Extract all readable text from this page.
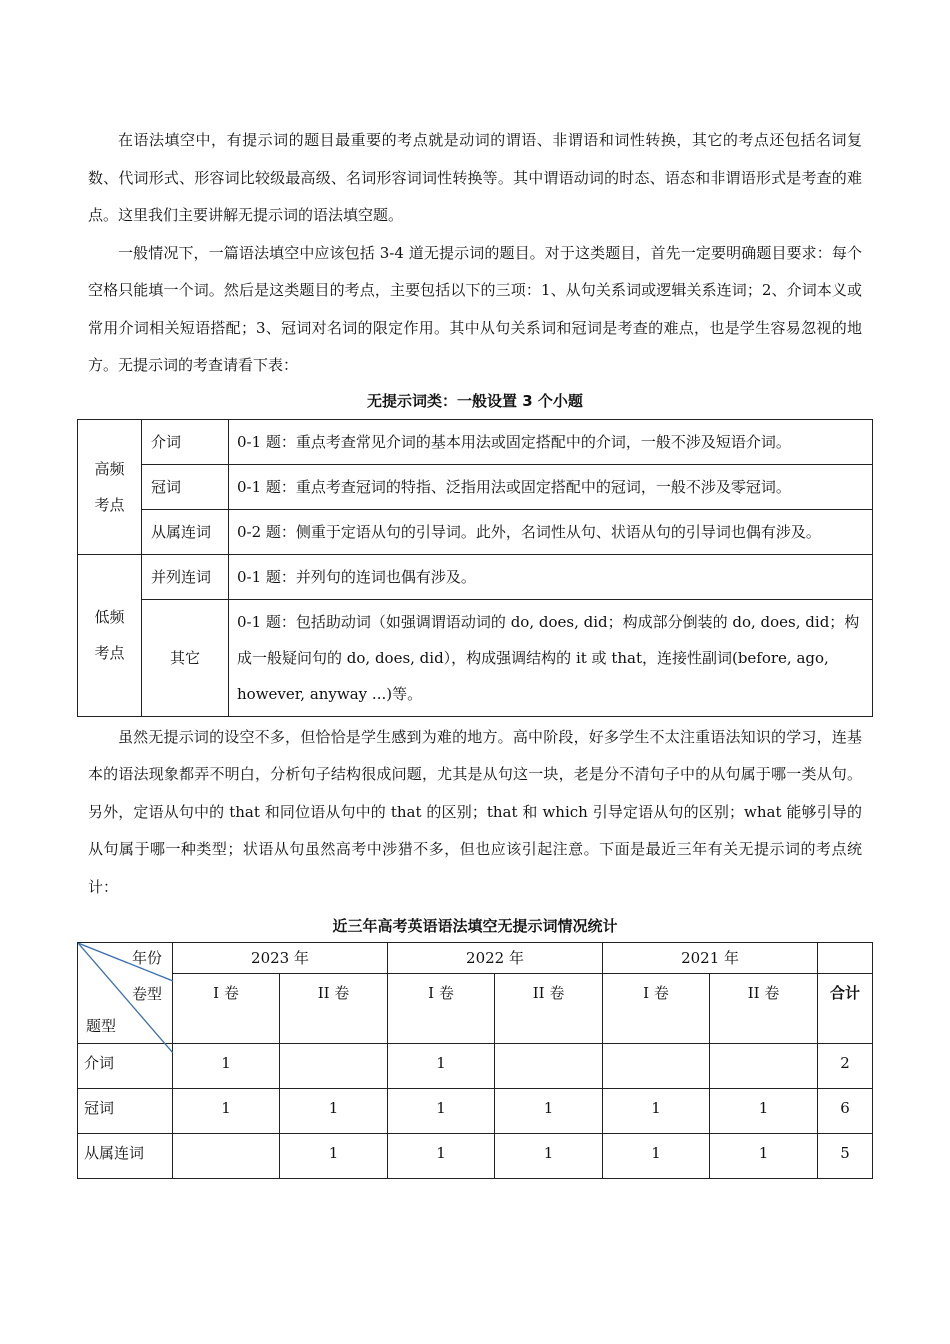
在语法填空中，有提示词的题目最重要的考点就是动词的谓语、非谓语和词性转换，其它的考点还包括名词复数、代词形式、形容词比较级最高级、名词形容词词性转换等。其中谓语动词的时态、语态和非谓语形式是考查的难点。这里我们主要讲解无提示词的语法填空题。

一般情况下，一篇语法填空中应该包括 3-4 道无提示词的题目。对于这类题目，首先一定要明确题目要求：每个空格只能填一个词。然后是这类题目的考点，主要包括以下的三项：1、从句关系词或逻辑关系连词；2、介词本义或常用介词相关短语搭配；3、冠词对名词的限定作用。其中从句关系词和冠词是考查的难点，也是学生容易忽视的地方。无提示词的考查请看下表：

无提示词类：一般设置 3 个小题
高频
考点	介词	0-1 题：重点考查常见介词的基本用法或固定搭配中的介词，一般不涉及短语介词。
	冠词	0-1 题：重点考查冠词的特指、泛指用法或固定搭配中的冠词，一般不涉及零冠词。
	从属连词	0-2 题：侧重于定语从句的引导词。此外，名词性从句、状语从句的引导词也偶有涉及。

低频
考点	并列连词	0-1 题：并列句的连词也偶有涉及。
	其它	0-1 题：包括助动词（如强调谓语动词的 do, does, did；构成部分倒装的 do, does, did；构成一般疑问句的 do, does, did），构成强调结构的 it 或 that，连接性副词(before, ago, however, anyway ...)等。

虽然无提示词的设空不多，但恰恰是学生感到为难的地方。高中阶段，好多学生不太注重语法知识的学习，连基本的语法现象都弄不明白，分析句子结构很成问题，尤其是从句这一块，老是分不清句子中的从句属于哪一类从句。另外，定语从句中的 that 和同位语从句中的 that 的区别；that 和 which 引导定语从句的区别；what 能够引导的从句属于哪一种类型；状语从句虽然高考中涉猎不多，但也应该引起注意。下面是最近三年有关无提示词的考点统计：

近三年高考英语语法填空无提示词情况统计
年份
卷型
题型	2023 年		2022 年		2021 年		
	I 卷	II 卷	I 卷	II 卷	I 卷	II 卷	合计
介词	1		1				2
冠词	1	1	1	1	1	1	6
从属连词		1	1	1	1	1	5
